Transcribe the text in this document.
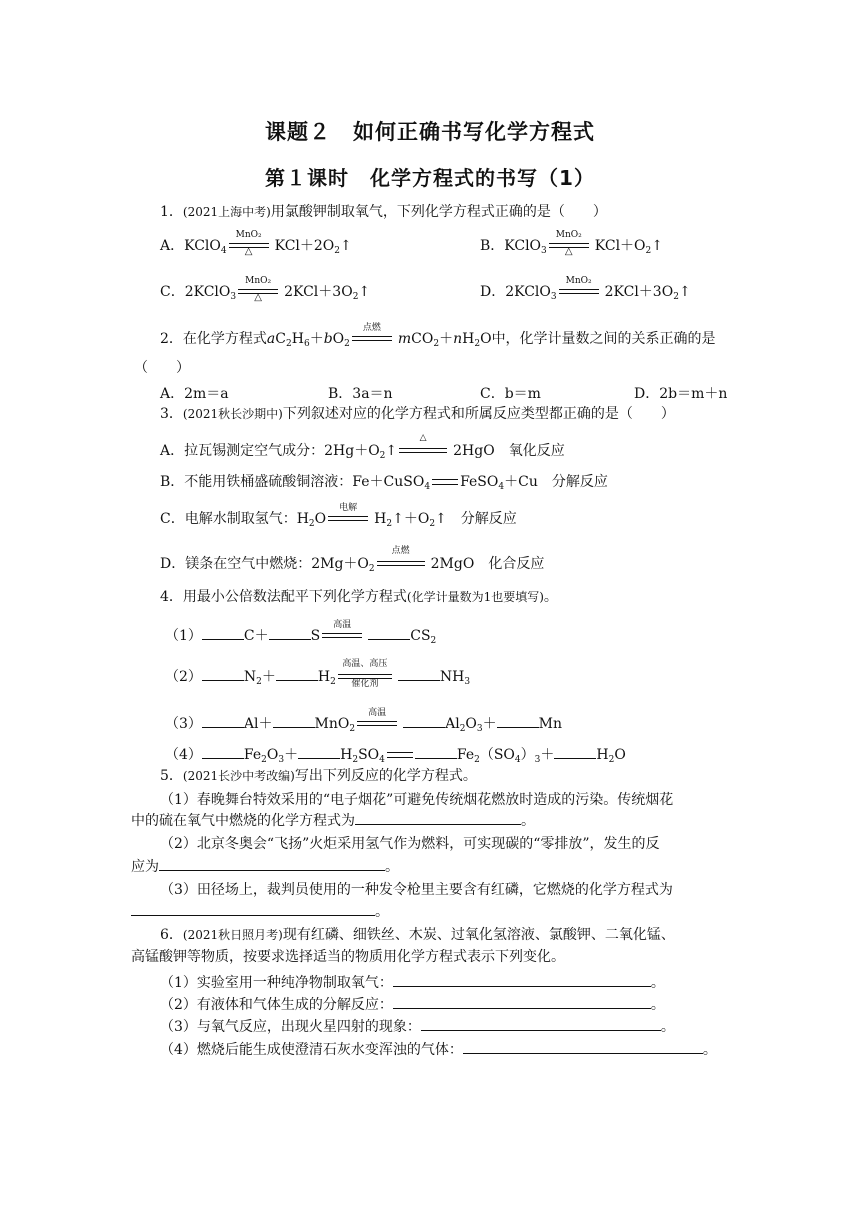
课题２　如何正确书写化学方程式
第１课时　化学方程式的书写（1）
1．(2021上海中考)用氯酸钾制取氧气，下列化学方程式正确的是（　　）
A．KClO$_4$
MnO₂
△	$KCl+2O_2↑$	B．KClO$_3$
MnO₂
△	$KCl+O_2↑$
C．2KClO$_3$
MnO₂
△	$2KCl+3O_2↑$	D．2KClO$_3$
MnO₂
$2KCl+3O_2↑$
2．在化学方程式$aC_2H_6+bO_2$
点燃
$mCO_2+nH_2O$中，化学计量数之间的关系正确的是
（　　）
A．2m＝a	B．3a＝n	C．b＝m	D．2b＝m＋n
3．(2021秋长沙期中)下列叙述对应的化学方程式和所属反应类型都正确的是（　　）
A．拉瓦锡测定空气成分：$2Hg+O_2↑$
△
2HgO　氧化反应
B．不能用铁桶盛硫酸铜溶液：Fe＋CuSO$_4$ FeSO$_4$＋Cu　分解反应
C．电解水制取氢气：$H_2O$
电解
$H_2↑+O_2↑$　分解反应
D．镁条在空气中燃烧：$2Mg+O_2$
点燃
2MgO　化合反应
4．用最小公倍数法配平下列化学方程式(化学计量数为1也要填写)。
（1）	C＋	S
高温
$CS_2$
（2）	$N_2+$	$H_2$
高温、高压
催化剂	$NH_3$
（3）	Al＋	MnO$_2$
高温
$Al_2O_3+$	Mn
（4）	$Fe_2O_3+$	$H_2SO_4$	$Fe_2(SO_4)_3+$	$H_2O$
5．(2021长沙中考改编)写出下列反应的化学方程式。
（1）春晚舞台特效采用的“电子烟花”可避免传统烟花燃放时造成的污染。传统烟花
中的硫在氧气中燃烧的化学方程式为	。
（2）北京冬奥会“飞扬”火炬采用氢气作为燃料，可实现碳的“零排放”，发生的反
应为	。
（3）田径场上，裁判员使用的一种发令枪里主要含有红磷，它燃烧的化学方程式为
。
6．(2021秋日照月考)现有红磷、细铁丝、木炭、过氧化氢溶液、氯酸钾、二氧化锰、
高锰酸钾等物质，按要求选择适当的物质用化学方程式表示下列变化。
（1）实验室用一种纯净物制取氧气：	。
（2）有液体和气体生成的分解反应：	。
（3）与氧气反应，出现火星四射的现象：	。
（4）燃烧后能生成使澄清石灰水变浑浊的气体：	。
